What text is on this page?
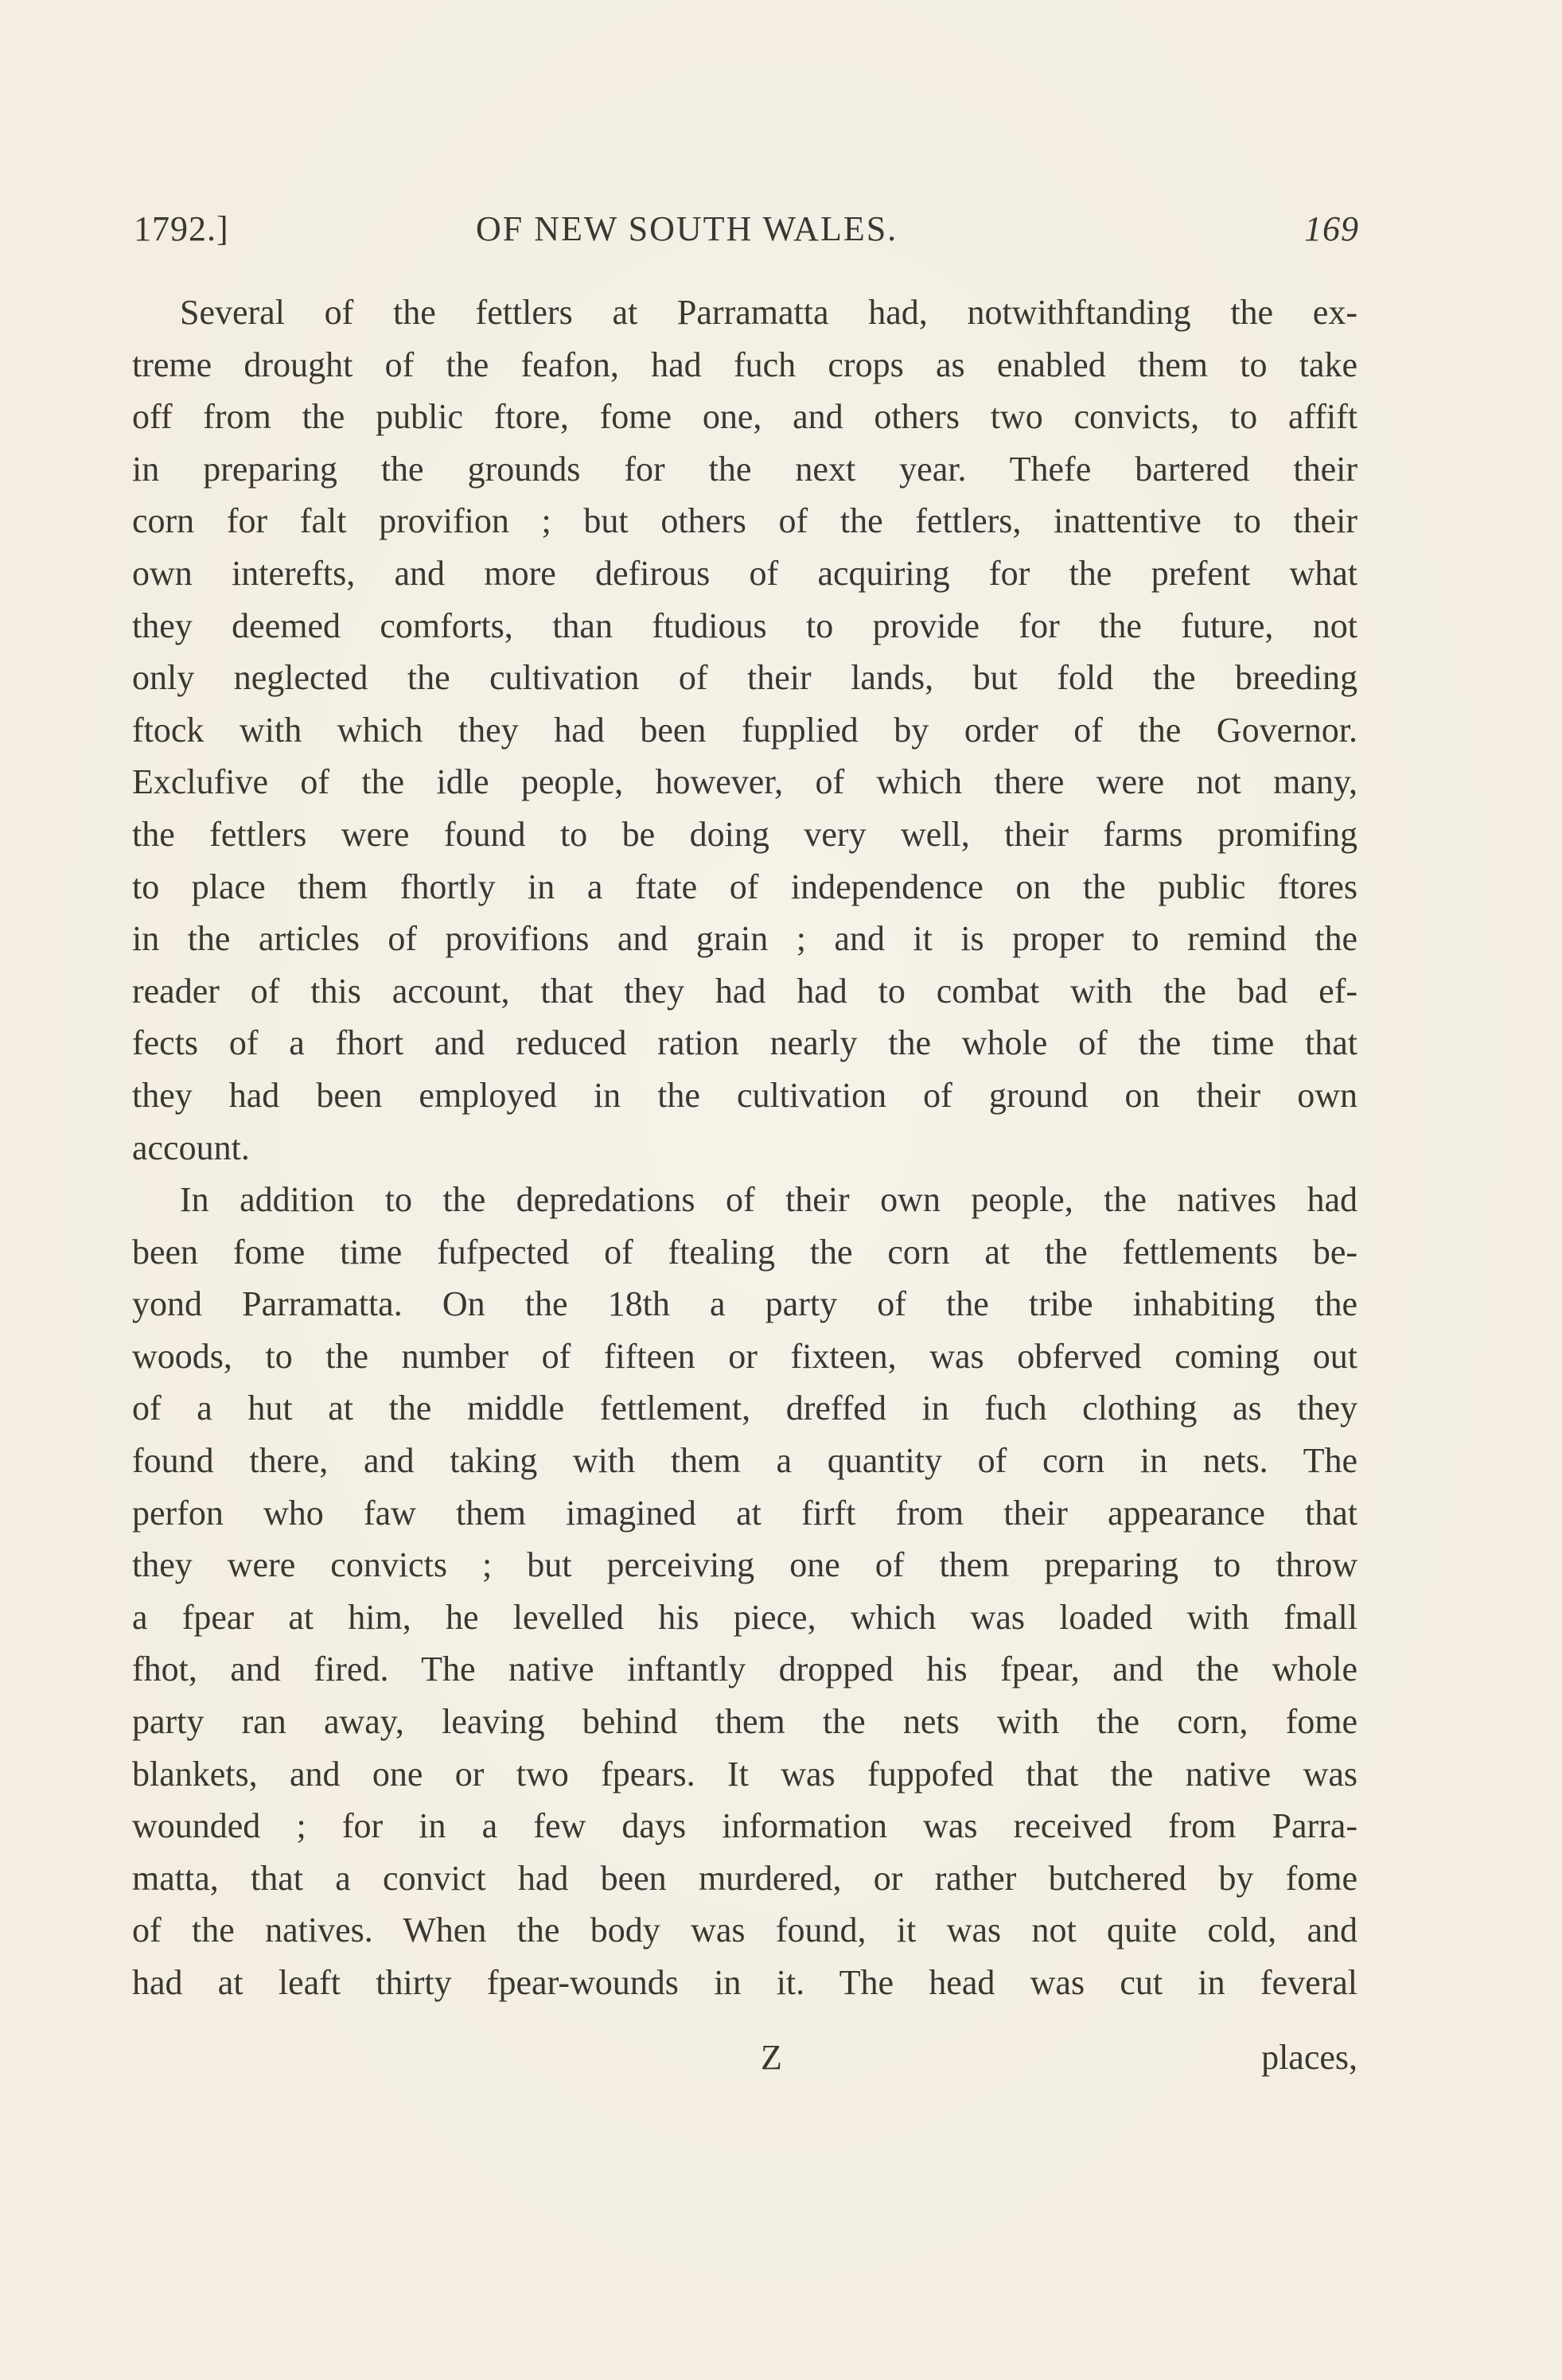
1792.]	OF NEW SOUTH WALES.	169
Several of the fettlers at Parramatta had, notwithftanding the ex-
treme drought of the feafon, had fuch crops as enabled them to take
off from the public ftore, fome one, and others two convicts, to affift
in preparing the grounds for the next year. Thefe bartered their
corn for falt provifion ; but others of the fettlers, inattentive to their
own interefts, and more defirous of acquiring for the prefent what
they deemed comforts, than ftudious to provide for the future, not
only neglected the cultivation of their lands, but fold the breeding
ftock with which they had been fupplied by order of the Governor.
Exclufive of the idle people, however, of which there were not many,
the fettlers were found to be doing very well, their farms promifing
to place them fhortly in a ftate of independence on the public ftores
in the articles of provifions and grain ; and it is proper to remind the
reader of this account, that they had had to combat with the bad ef-
fects of a fhort and reduced ration nearly the whole of the time that
they had been employed in the cultivation of ground on their own
account.
In addition to the depredations of their own people, the natives had
been fome time fufpected of ftealing the corn at the fettlements be-
yond Parramatta. On the 18th a party of the tribe inhabiting the
woods, to the number of fifteen or fixteen, was obferved coming out
of a hut at the middle fettlement, dreffed in fuch clothing as they
found there, and taking with them a quantity of corn in nets. The
perfon who faw them imagined at firft from their appearance that
they were convicts ; but perceiving one of them preparing to throw
a fpear at him, he levelled his piece, which was loaded with fmall
fhot, and fired. The native inftantly dropped his fpear, and the whole
party ran away, leaving behind them the nets with the corn, fome
blankets, and one or two fpears. It was fuppofed that the native was
wounded ; for in a few days information was received from Parra-
matta, that a convict had been murdered, or rather butchered by fome
of the natives. When the body was found, it was not quite cold, and
had at leaft thirty fpear-wounds in it. The head was cut in feveral
Z	places,
